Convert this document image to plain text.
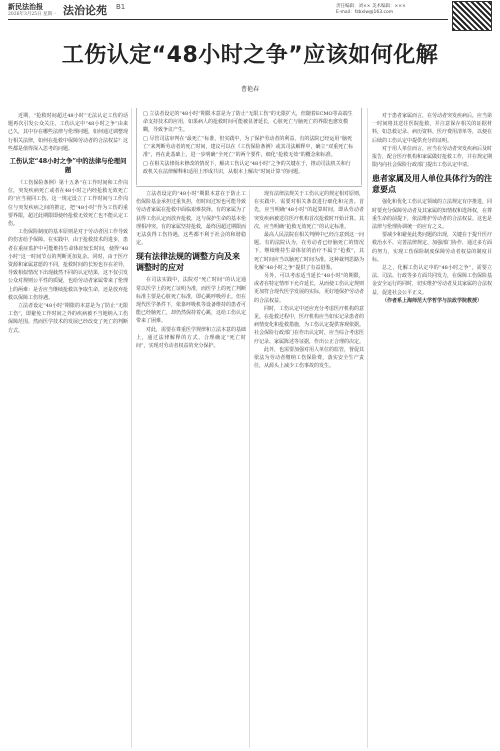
新民法治报
2026年3月25日 星期一 法治论苑 B1	责任编辑：刘×× 美术编辑：×××
E-mail：fzbxlw@163.com
工伤认定“48小时之争”应该如何化解
曹艳春

近期，“抢救时间超过48小时”无法认定工伤的话题再次引发公众关注。工伤认定中“48小时之争”由来已久，其中存在哪些法律与伦理问题，如何通过调整现行相关法律，如何在抢救中保障劳动者的合法权益？这些都是值得深入思考的问题。

工伤认定“48小时之争”中的法律与伦理问题

《工伤保险条例》第十五条“在工作时间和工作岗位，突发疾病死亡或者在48小时之内经抢救无效死亡的”应当视同工伤。这一规定设立了工作时间与工作岗位与突发疾病之间的推定，把“48小时”作为工伤的重要界限，超过此期限即使经抢救无效死亡也不能认定工伤。

工伤保险制度的基本原则是对于劳动者因工作导致的伤害给予保障。在实践中，由于抢救技术的进步，患者在重症监护中可能维持生命体征较长时间，使得“48小时”这一时间节点的判断更加复杂。同时，由于医疗资源和家属意愿的不同，抢救时间的长短也存在差异，导致相似情况下出现截然不同的认定结果，这不仅引发公众对规则公平性的质疑，也给劳动者家属带来了伦理上的两难：是否应当继续抢救以争取生命，还是放弃抢救以保障工伤待遇。

立法者设定“48小时”期限的本意是为了防止“无限工伤”，即避免工作时间之外的疾病被不当地纳入工伤保障范围。然而医学技术的发展已经改变了死亡的判断方式。

□ 立法者设定的“48小时”期限本意是为了防止“无限工伤”的无限扩大，但随着ECMO等高端生命支持技术的应用，如果病人的抢救时间可能被显著延长，心脏死亡与脑死亡的界限也愈发模糊，导致争议产生。
□ 尽管司法审判在“最死亡”标准，但实践中，为了保护劳动者的利益，有的法院已经运用“脑死亡”来判断劳动者的死亡时间，建议可以在《工伤保险条例》或其司法解释中，确立“双重死亡标准”，再在此基础上，进一步明确“全死亡”的两个要件，细化“抢救无效”的概念和标准。
□ 在相关法律尚未修改的情况下，解决工伤认定“48小时”之争的关键在于，推动司法机关和行政机关在法律解释和适用上形成共识，从根本上解决“时间计算”的问题。

对于患者家属而言，在劳动者突发疾病后，应当第一时间将其送往医院抢救，并注意保存相关的证据材料，如急救记录、病历资料、医疗费用清单等，以便在后续的工伤认定中提供充分的证明。

对于用人单位而言，应当在劳动者突发疾病后及时报告，配合医疗机构和家属做好抢救工作，并在规定期限内向社会保险行政部门提出工伤认定申请。

患者家属及用人单位具体行为的注意要点

强化和优化工伤认定领域的立法规定有序推进，同时要充分保障劳动者及其家属的知情权和选择权，在尊重生命的前提下，依法维护劳动者的合法权益。这也是法律与伦理协调统一的应有之义。

要减少和避免此类问题的出现，关键在于提升医疗救治水平、完善法律规定、加强部门协作，通过多方面的努力，实现工伤保险制度保障劳动者权益的制度目标。

总之，化解工伤认定中的“48小时之争”，需要立法、司法、行政等多方面共同发力，在保障工伤保险基金安全运行的同时，切实维护劳动者及其家属的合法权益，促进社会公平正义。

（作者系上海师范大学哲学与法政学院教授）

立法者设定的“48小时”期限本意在于防止工伤保险基金承担过重负担，但时间过短也可能导致劳动者家属在抢救中面临艰难抉择。有的家属为了获得工伤认定而放弃抢救，这与保护生命的基本伦理相冲突。有的家属坚持抢救，最终因超过期限而无法获得工伤待遇，这些都不利于社会的和谐稳定。

现有法律法规的调整方向及来调整时的应对

在司法实践中，法院对“死亡时间”的认定通常以医学上的死亡证明为准，而医学上的死亡判断标准主要是心脏死亡标准，即心跳呼吸停止。但在现代医学条件下，依靠呼吸机等设备维持的患者可能已经脑死亡，却仍然保持着心跳，这给工伤认定带来了困难。

对此，需要在尊重医学规律和立法本意的基础上，通过法律解释的方式，合理确定“死亡时间”，实现对劳动者权益的充分保护。

现有法律法规关于工伤认定的规定相对原则，在实践中，需要对相关条款进行细化和完善。首先，应当明确“48小时”的起算时间，即从劳动者突发疾病被送往医疗机构首次抢救时开始计算。其次，应当明确“抢救无效死亡”的认定标准。

最高人民法院在相关判例中已经注意到这一问题。有的法院认为，在劳动者已经脑死亡的情况下，继续维持生命体征的治疗不属于“抢救”，其死亡时间应当以脑死亡时间为准。这种裁判思路为化解“48小时之争”提供了有益借鉴。

另外，可以考虑适当延长“48小时”的期限，或者在特定情形下允许延长，从而使工伤认定规则更加符合现代医学发展的实际，更好地保护劳动者的合法权益。

同时，工伤认定中还应充分考虑医疗机构的意见。在抢救过程中，医疗机构应当如实记录患者的病情变化和抢救措施，为工伤认定提供客观依据。社会保险行政部门在作出认定时，应当综合考虑医疗记录、家属陈述等证据，作出公正合理的决定。

此外，也需要加强对用人单位的监管，督促其依法为劳动者缴纳工伤保险费，落实安全生产责任，从源头上减少工伤事故的发生。
